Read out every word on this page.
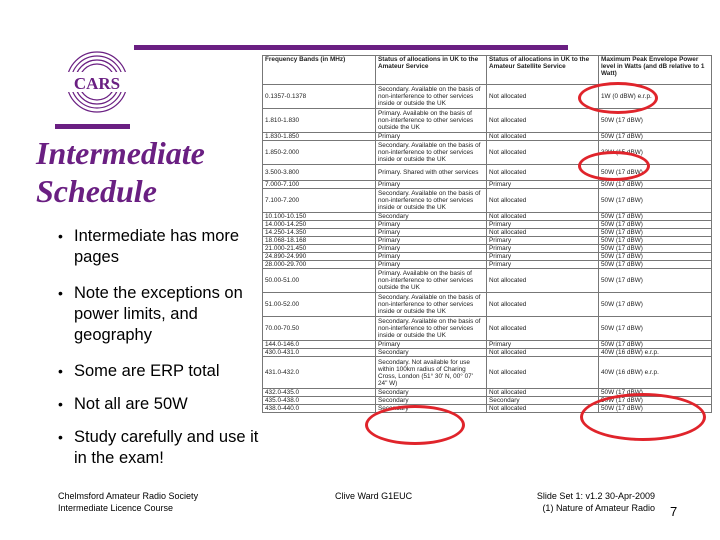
CARS
Intermediate
Schedule
• Intermediate has more pages
• Note the exceptions on power limits, and geography
• Some are ERP total
• Not all are 50W
• Study carefully and use it in the exam!
Frequency Bands (in MHz)	Status of allocations in UK to the Amateur Service	Status of allocations in UK to the Amateur Satellite Service	Maximum Peak Envelope Power level in Watts (and dB relative to 1 Watt)
0.1357-0.1378	Secondary. Available on the basis of non-interference to other services inside or outside the UK	Not allocated	1W (0 dBW) e.r.p.
1.810-1.830	Primary. Available on the basis of non-interference to other services outside the UK	Not allocated	50W (17 dBW)
1.830-1.850	Primary	Not allocated	50W (17 dBW)
1.850-2.000	Secondary. Available on the basis of non-interference to other services inside or outside the UK	Not allocated	32W (15 dBW)
3.500-3.800	Primary. Shared with other services	Not allocated	50W (17 dBW)
7.000-7.100	Primary	Primary	50W (17 dBW)
7.100-7.200	Secondary. Available on the basis of non-interference to other services inside or outside the UK	Not allocated	50W (17 dBW)
10.100-10.150	Secondary	Not allocated	50W (17 dBW)
14.000-14.250	Primary	Primary	50W (17 dBW)
14.250-14.350	Primary	Not allocated	50W (17 dBW)
18.068-18.168	Primary	Primary	50W (17 dBW)
21.000-21.450	Primary	Primary	50W (17 dBW)
24.890-24.990	Primary	Primary	50W (17 dBW)
28.000-29.700	Primary	Primary	50W (17 dBW)
50.00-51.00	Primary. Available on the basis of non-interference to other services outside the UK	Not allocated	50W (17 dBW)
51.00-52.00	Secondary. Available on the basis of non-interference to other services inside or outside the UK	Not allocated	50W (17 dBW)
70.00-70.50	Secondary. Available on the basis of non-interference to other services inside or outside the UK	Not allocated	50W (17 dBW)
144.0-146.0	Primary	Primary	50W (17 dBW)
430.0-431.0	Secondary	Not allocated	40W (16 dBW) e.r.p.
431.0-432.0	Secondary. Not available for use within 100km radius of Charing Cross, London (51° 30' N, 00° 07' 24" W)	Not allocated	40W (16 dBW) e.r.p.
432.0-435.0	Secondary	Not allocated	50W (17 dBW)
435.0-438.0	Secondary	Secondary	50W (17 dBW)
438.0-440.0	Secondary	Not allocated	50W (17 dBW)
Chelmsford Amateur Radio Society
Intermediate Licence Course
Clive Ward G1EUC	Slide Set 1: v1.2 30-Apr-2009
(1) Nature of Amateur Radio 7
